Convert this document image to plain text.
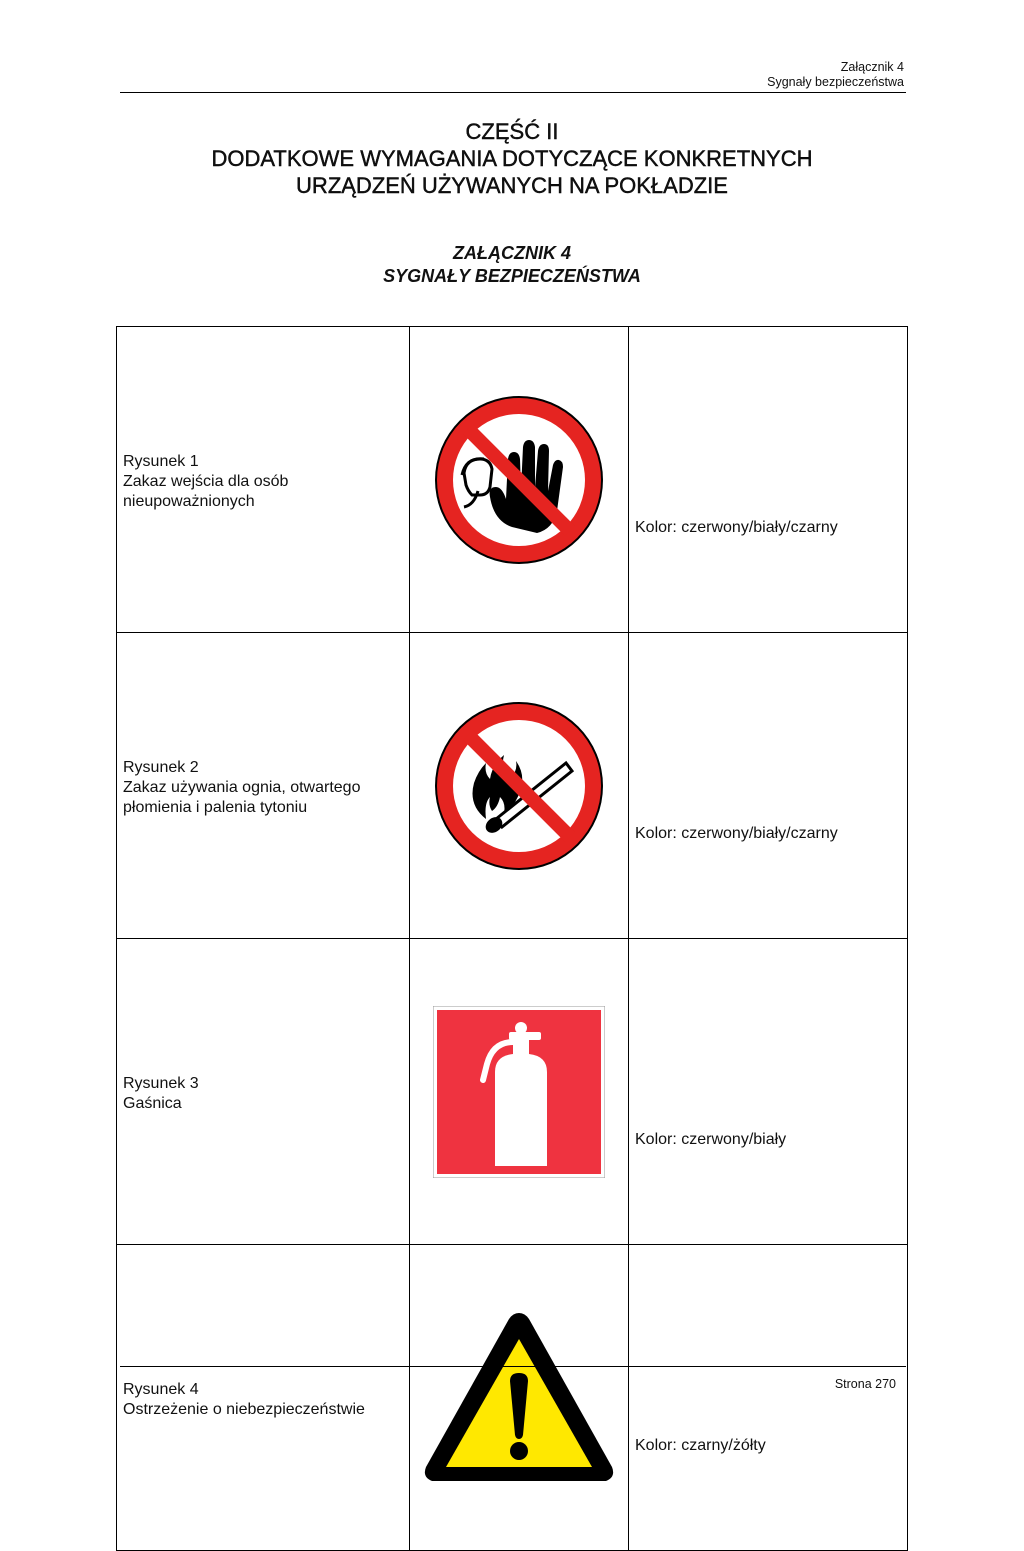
Załącznik 4
Sygnały bezpieczeństwa
CZĘŚĆ II
DODATKOWE WYMAGANIA DOTYCZĄCE KONKRETNYCH
URZĄDZEŃ UŻYWANYCH NA POKŁADZIE
ZAŁĄCZNIK 4
SYGNAŁY BEZPIECZEŃSTWA
Rysunek 1
Zakaz wejścia dla osób
nieupoważnionych		Kolor: czerwony/biały/czarny

Rysunek 2
Zakaz używania ognia, otwartego
płomienia i palenia tytoniu		Kolor: czerwony/biały/czarny

Rysunek 3
Gaśnica		Kolor: czerwony/biały

Rysunek 4
Ostrzeżenie o niebezpieczeństwie		Kolor: czarny/żółty
Strona 270
